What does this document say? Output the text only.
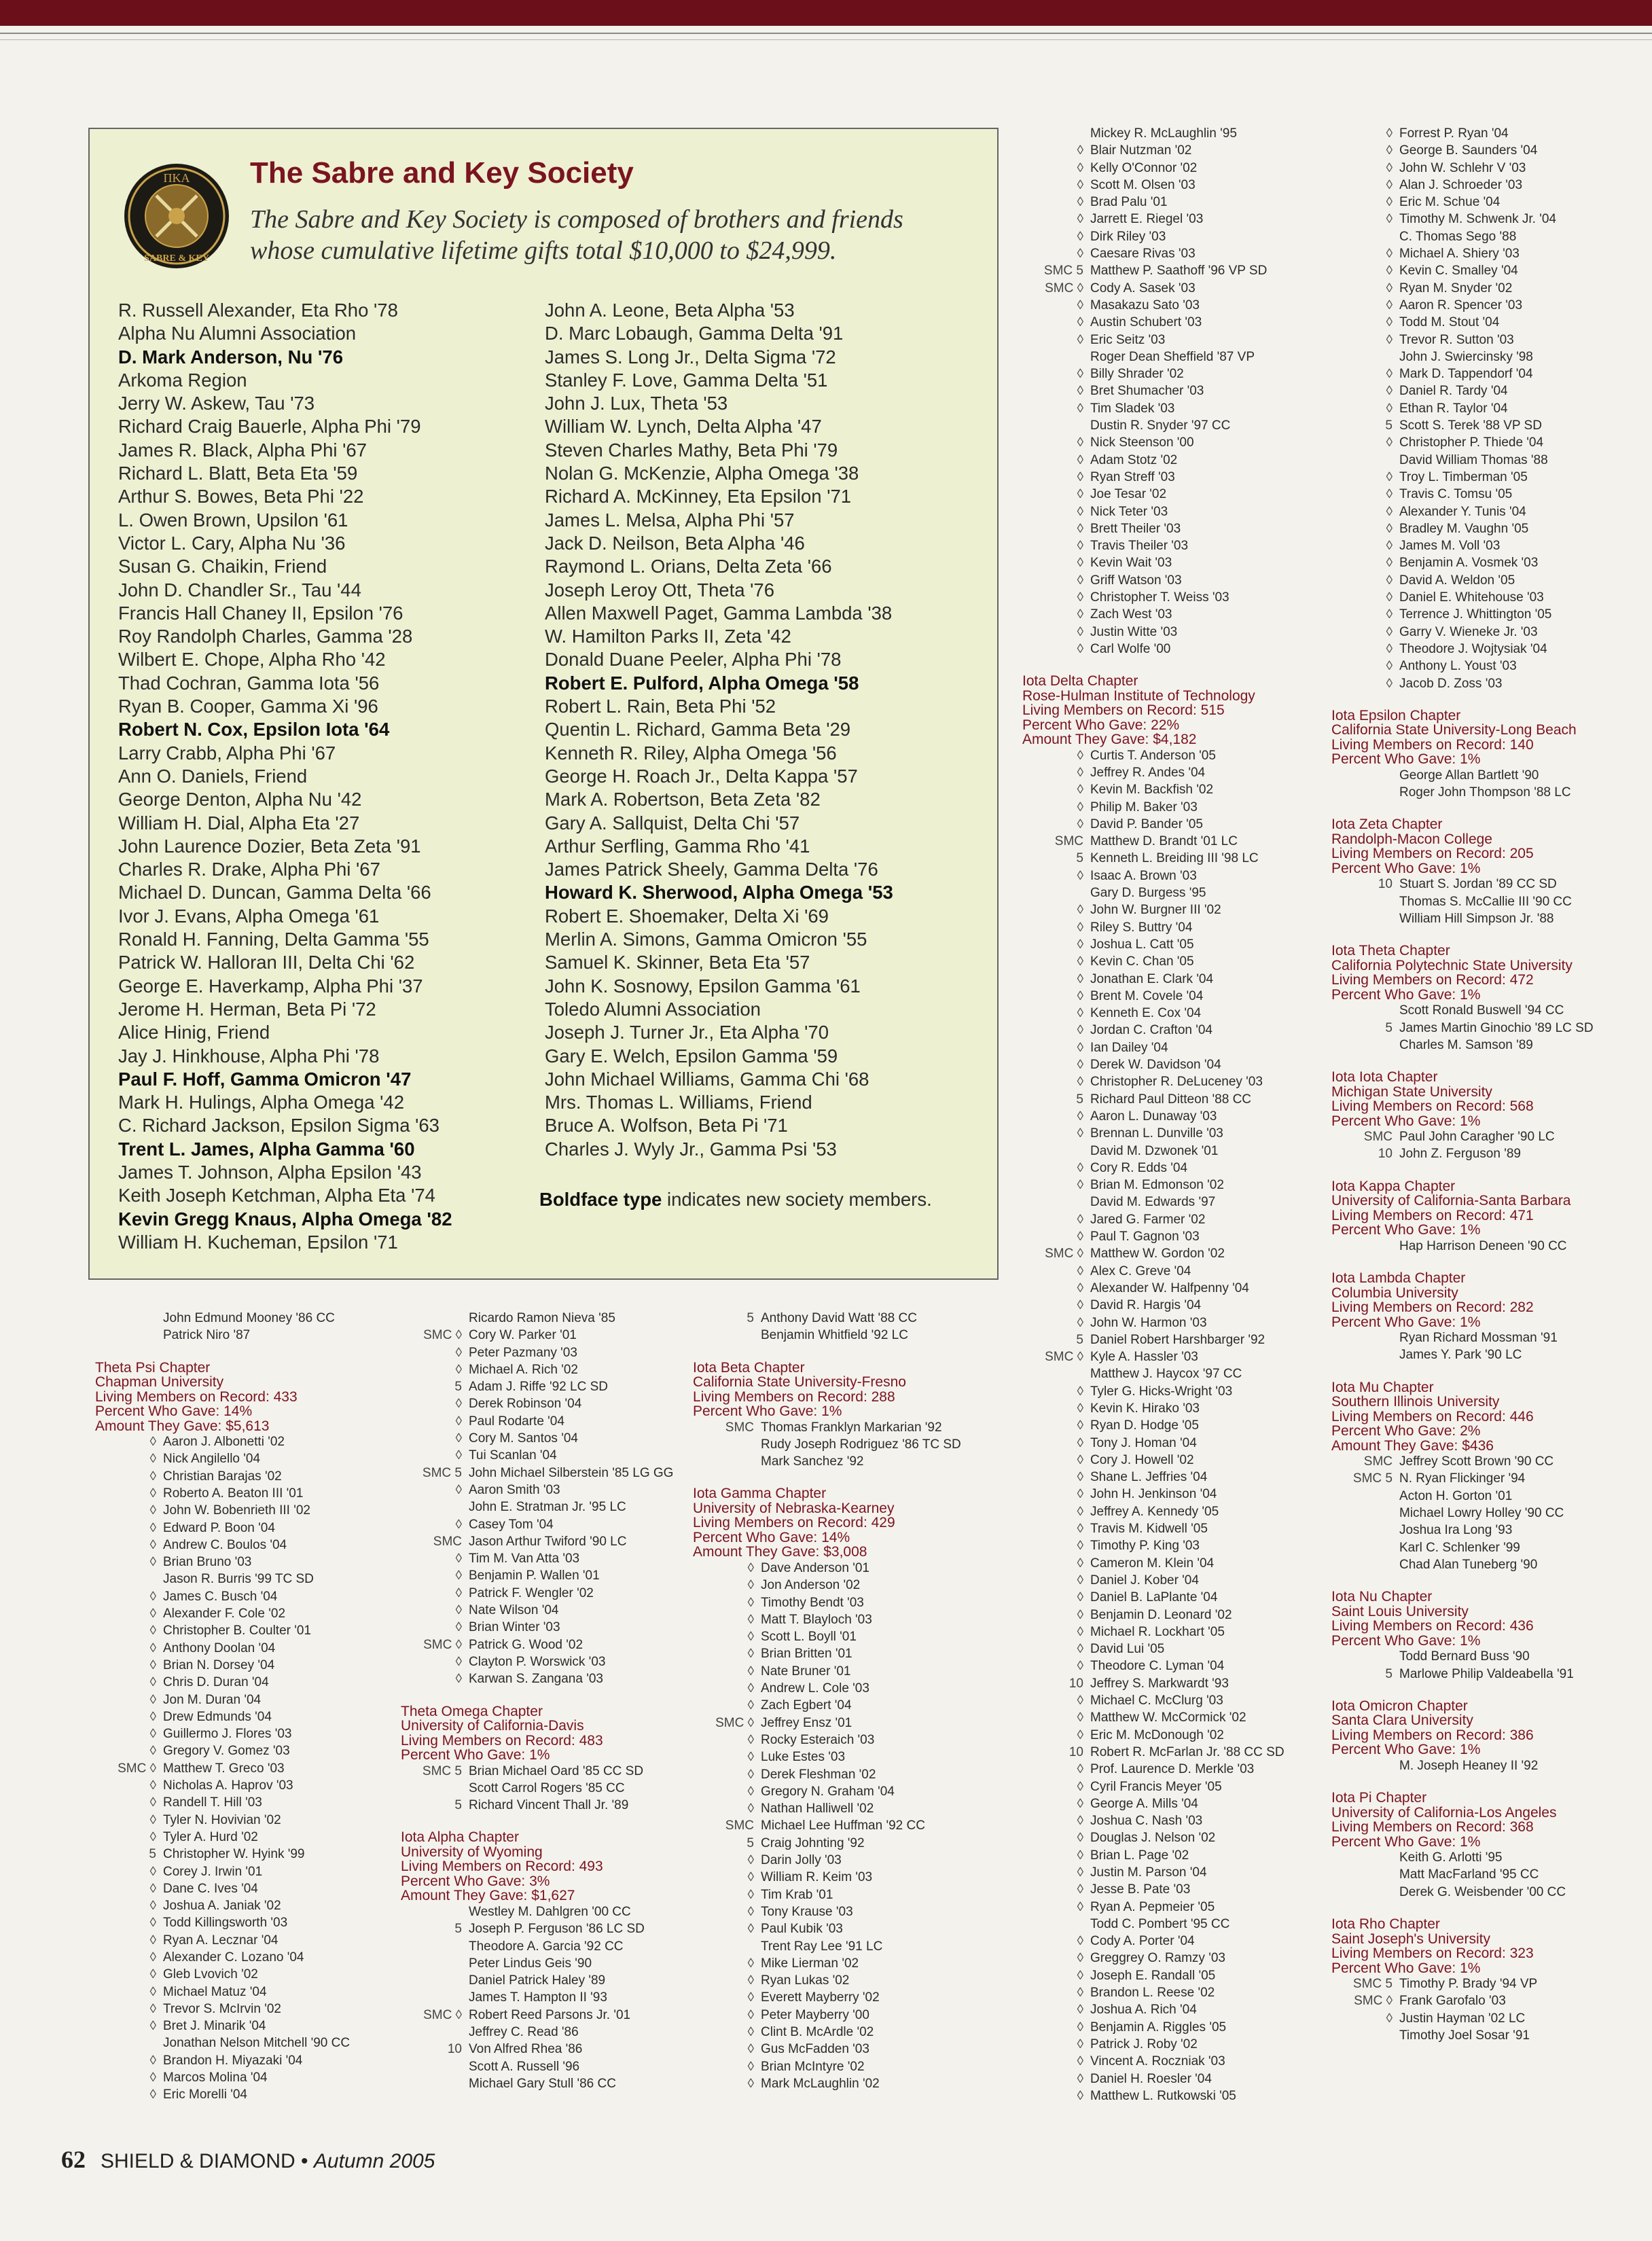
ΠΚΑ
SABRE & KEY
The Sabre and Key Society
The Sabre and Key Society is composed of brothers and friends whose cumulative lifetime gifts total $10,000 to $24,999.
R. Russell Alexander, Eta Rho '78
Alpha Nu Alumni Association
D. Mark Anderson, Nu '76
Arkoma Region
Jerry W. Askew, Tau '73
Richard Craig Bauerle, Alpha Phi '79
James R. Black, Alpha Phi '67
Richard L. Blatt, Beta Eta '59
Arthur S. Bowes, Beta Phi '22
L. Owen Brown, Upsilon '61
Victor L. Cary, Alpha Nu '36
Susan G. Chaikin, Friend
John D. Chandler Sr., Tau '44
Francis Hall Chaney II, Epsilon '76
Roy Randolph Charles, Gamma '28
Wilbert E. Chope, Alpha Rho '42
Thad Cochran, Gamma Iota '56
Ryan B. Cooper, Gamma Xi '96
Robert N. Cox, Epsilon Iota '64
Larry Crabb, Alpha Phi '67
Ann O. Daniels, Friend
George Denton, Alpha Nu '42
William H. Dial, Alpha Eta '27
John Laurence Dozier, Beta Zeta '91
Charles R. Drake, Alpha Phi '67
Michael D. Duncan, Gamma Delta '66
Ivor J. Evans, Alpha Omega '61
Ronald H. Fanning, Delta Gamma '55
Patrick W. Halloran III, Delta Chi '62
George E. Haverkamp, Alpha Phi '37
Jerome H. Herman, Beta Pi '72
Alice Hinig, Friend
Jay J. Hinkhouse, Alpha Phi '78
Paul F. Hoff, Gamma Omicron '47
Mark H. Hulings, Alpha Omega '42
C. Richard Jackson, Epsilon Sigma '63
Trent L. James, Alpha Gamma '60
James T. Johnson, Alpha Epsilon '43
Keith Joseph Ketchman, Alpha Eta '74
Kevin Gregg Knaus, Alpha Omega '82
William H. Kucheman, Epsilon '71
John A. Leone, Beta Alpha '53
D. Marc Lobaugh, Gamma Delta '91
James S. Long Jr., Delta Sigma '72
Stanley F. Love, Gamma Delta '51
John J. Lux, Theta '53
William W. Lynch, Delta Alpha '47
Steven Charles Mathy, Beta Phi '79
Nolan G. McKenzie, Alpha Omega '38
Richard A. McKinney, Eta Epsilon '71
James L. Melsa, Alpha Phi '57
Jack D. Neilson, Beta Alpha '46
Raymond L. Orians, Delta Zeta '66
Joseph Leroy Ott, Theta '76
Allen Maxwell Paget, Gamma Lambda '38
W. Hamilton Parks II, Zeta '42
Donald Duane Peeler, Alpha Phi '78
Robert E. Pulford, Alpha Omega '58
Robert L. Rain, Beta Phi '52
Quentin L. Richard, Gamma Beta '29
Kenneth R. Riley, Alpha Omega '56
George H. Roach Jr., Delta Kappa '57
Mark A. Robertson, Beta Zeta '82
Gary A. Sallquist, Delta Chi '57
Arthur Serfling, Gamma Rho '41
James Patrick Sheely, Gamma Delta '76
Howard K. Sherwood, Alpha Omega '53
Robert E. Shoemaker, Delta Xi '69
Merlin A. Simons, Gamma Omicron '55
Samuel K. Skinner, Beta Eta '57
John K. Sosnowy, Epsilon Gamma '61
Toledo Alumni Association
Joseph J. Turner Jr., Eta Alpha '70
Gary E. Welch, Epsilon Gamma '59
John Michael Williams, Gamma Chi '68
Mrs. Thomas L. Williams, Friend
Bruce A. Wolfson, Beta Pi '71
Charles J. Wyly Jr., Gamma Psi '53
Boldface type indicates new society members.
John Edmund Mooney '86 CC
Patrick Niro '87
Theta Psi Chapter
Chapman University
Living Members on Record: 433
Percent Who Gave: 14%
Amount They Gave: $5,613
◊ Aaron J. Albonetti '02
◊ Nick Angilello '04
◊ Christian Barajas '02
◊ Roberto A. Beaton III '01
◊ John W. Bobenrieth III '02
◊ Edward P. Boon '04
◊ Andrew C. Boulos '04
◊ Brian Bruno '03
Jason R. Burris '99 TC SD
◊ James C. Busch '04
◊ Alexander F. Cole '02
◊ Christopher B. Coulter '01
◊ Anthony Doolan '04
◊ Brian N. Dorsey '04
◊ Chris D. Duran '04
◊ Jon M. Duran '04
◊ Drew Edmunds '04
◊ Guillermo J. Flores '03
◊ Gregory V. Gomez '03
SMC ◊ Matthew T. Greco '03
◊ Nicholas A. Haprov '03
◊ Randell T. Hill '03
◊ Tyler N. Hovivian '02
◊ Tyler A. Hurd '02
5 Christopher W. Hyink '99
◊ Corey J. Irwin '01
◊ Dane C. Ives '04
◊ Joshua A. Janiak '02
◊ Todd Killingsworth '03
◊ Ryan A. Lecznar '04
◊ Alexander C. Lozano '04
◊ Gleb Lvovich '02
◊ Michael Matuz '04
◊ Trevor S. McIrvin '02
◊ Bret J. Minarik '04
Jonathan Nelson Mitchell '90 CC
◊ Brandon H. Miyazaki '04
◊ Marcos Molina '04
◊ Eric Morelli '04
Ricardo Ramon Nieva '85
SMC ◊ Cory W. Parker '01
◊ Peter Pazmany '03
◊ Michael A. Rich '02
5 Adam J. Riffe '92 LC SD
◊ Derek Robinson '04
◊ Paul Rodarte '04
◊ Cory M. Santos '04
◊ Tui Scanlan '04
SMC 5 John Michael Silberstein '85 LG GG
◊ Aaron Smith '03
John E. Stratman Jr. '95 LC
◊ Casey Tom '04
SMC Jason Arthur Twiford '90 LC
◊ Tim M. Van Atta '03
◊ Benjamin P. Wallen '01
◊ Patrick F. Wengler '02
◊ Nate Wilson '04
◊ Brian Winter '03
SMC ◊ Patrick G. Wood '02
◊ Clayton P. Worswick '03
◊ Karwan S. Zangana '03
Theta Omega Chapter
University of California-Davis
Living Members on Record: 483
Percent Who Gave: 1%
SMC 5 Brian Michael Oard '85 CC SD
Scott Carrol Rogers '85 CC
5 Richard Vincent Thall Jr. '89
Iota Alpha Chapter
University of Wyoming
Living Members on Record: 493
Percent Who Gave: 3%
Amount They Gave: $1,627
Westley M. Dahlgren '00 CC
5 Joseph P. Ferguson '86 LC SD
Theodore A. Garcia '92 CC
Peter Lindus Geis '90
Daniel Patrick Haley '89
James T. Hampton II '93
SMC ◊ Robert Reed Parsons Jr. '01
Jeffrey C. Read '86
10 Von Alfred Rhea '86
Scott A. Russell '96
Michael Gary Stull '86 CC
5 Anthony David Watt '88 CC
Benjamin Whitfield '92 LC
Iota Beta Chapter
California State University-Fresno
Living Members on Record: 288
Percent Who Gave: 1%
SMC Thomas Franklyn Markarian '92
Rudy Joseph Rodriguez '86 TC SD
Mark Sanchez '92
Iota Gamma Chapter
University of Nebraska-Kearney
Living Members on Record: 429
Percent Who Gave: 14%
Amount They Gave: $3,008
◊ Dave Anderson '01
◊ Jon Anderson '02
◊ Timothy Bendt '03
◊ Matt T. Blayloch '03
◊ Scott L. Boyll '01
◊ Brian Britten '01
◊ Nate Bruner '01
◊ Andrew L. Cole '03
◊ Zach Egbert '04
SMC ◊ Jeffrey Ensz '01
◊ Rocky Esteraich '03
◊ Luke Estes '03
◊ Derek Fleshman '02
◊ Gregory N. Graham '04
◊ Nathan Halliwell '02
SMC Michael Lee Huffman '92 CC
5 Craig Johnting '92
◊ Darin Jolly '03
◊ William R. Keim '03
◊ Tim Krab '01
◊ Tony Krause '03
◊ Paul Kubik '03
Trent Ray Lee '91 LC
◊ Mike Lierman '02
◊ Ryan Lukas '02
◊ Everett Mayberry '02
◊ Peter Mayberry '00
◊ Clint B. McArdle '02
◊ Gus McFadden '03
◊ Brian McIntyre '02
◊ Mark McLaughlin '02
Mickey R. McLaughlin '95
◊ Blair Nutzman '02
◊ Kelly O'Connor '02
◊ Scott M. Olsen '03
◊ Brad Palu '01
◊ Jarrett E. Riegel '03
◊ Dirk Riley '03
◊ Caesare Rivas '03
SMC 5 Matthew P. Saathoff '96 VP SD
SMC ◊ Cody A. Sasek '03
◊ Masakazu Sato '03
◊ Austin Schubert '03
◊ Eric Seitz '03
Roger Dean Sheffield '87 VP
◊ Billy Shrader '02
◊ Bret Shumacher '03
◊ Tim Sladek '03
Dustin R. Snyder '97 CC
◊ Nick Steenson '00
◊ Adam Stotz '02
◊ Ryan Streff '03
◊ Joe Tesar '02
◊ Nick Teter '03
◊ Brett Theiler '03
◊ Travis Theiler '03
◊ Kevin Wait '03
◊ Griff Watson '03
◊ Christopher T. Weiss '03
◊ Zach West '03
◊ Justin Witte '03
◊ Carl Wolfe '00
Iota Delta Chapter
Rose-Hulman Institute of Technology
Living Members on Record: 515
Percent Who Gave: 22%
Amount They Gave: $4,182
◊ Curtis T. Anderson '05
◊ Jeffrey R. Andes '04
◊ Kevin M. Backfish '02
◊ Philip M. Baker '03
◊ David P. Bander '05
SMC Matthew D. Brandt '01 LC
5 Kenneth L. Breiding III '98 LC
◊ Isaac A. Brown '03
Gary D. Burgess '95
◊ John W. Burgner III '02
◊ Riley S. Buttry '04
◊ Joshua L. Catt '05
◊ Kevin C. Chan '05
◊ Jonathan E. Clark '04
◊ Brent M. Covele '04
◊ Kenneth E. Cox '04
◊ Jordan C. Crafton '04
◊ Ian Dailey '04
◊ Derek W. Davidson '04
◊ Christopher R. DeLuceney '03
5 Richard Paul Ditteon '88 CC
◊ Aaron L. Dunaway '03
◊ Brennan L. Dunville '03
David M. Dzwonek '01
◊ Cory R. Edds '04
◊ Brian M. Edmonson '02
David M. Edwards '97
◊ Jared G. Farmer '02
◊ Paul T. Gagnon '03
SMC ◊ Matthew W. Gordon '02
◊ Alex C. Greve '04
◊ Alexander W. Halfpenny '04
◊ David R. Hargis '04
◊ John W. Harmon '03
5 Daniel Robert Harshbarger '92
SMC ◊ Kyle A. Hassler '03
Matthew J. Haycox '97 CC
◊ Tyler G. Hicks-Wright '03
◊ Kevin K. Hirako '03
◊ Ryan D. Hodge '05
◊ Tony J. Homan '04
◊ Cory J. Howell '02
◊ Shane L. Jeffries '04
◊ John H. Jenkinson '04
◊ Jeffrey A. Kennedy '05
◊ Travis M. Kidwell '05
◊ Timothy P. King '03
◊ Cameron M. Klein '04
◊ Daniel J. Kober '04
◊ Daniel B. LaPlante '04
◊ Benjamin D. Leonard '02
◊ Michael R. Lockhart '05
◊ David Lui '05
◊ Theodore C. Lyman '04
10 Jeffrey S. Markwardt '93
◊ Michael C. McClurg '03
◊ Matthew W. McCormick '02
◊ Eric M. McDonough '02
10 Robert R. McFarlan Jr. '88 CC SD
◊ Prof. Laurence D. Merkle '03
◊ Cyril Francis Meyer '05
◊ George A. Mills '04
◊ Joshua C. Nash '03
◊ Douglas J. Nelson '02
◊ Brian L. Page '02
◊ Justin M. Parson '04
◊ Jesse B. Pate '03
◊ Ryan A. Pepmeier '05
Todd C. Pombert '95 CC
◊ Cody A. Porter '04
◊ Greggrey O. Ramzy '03
◊ Joseph E. Randall '05
◊ Brandon L. Reese '02
◊ Joshua A. Rich '04
◊ Benjamin A. Riggles '05
◊ Patrick J. Roby '02
◊ Vincent A. Roczniak '03
◊ Daniel H. Roesler '04
◊ Matthew L. Rutkowski '05
◊ Forrest P. Ryan '04
◊ George B. Saunders '04
◊ John W. Schlehr V '03
◊ Alan J. Schroeder '03
◊ Eric M. Schue '04
◊ Timothy M. Schwenk Jr. '04
C. Thomas Sego '88
◊ Michael A. Shiery '03
◊ Kevin C. Smalley '04
◊ Ryan M. Snyder '02
◊ Aaron R. Spencer '03
◊ Todd M. Stout '04
◊ Trevor R. Sutton '03
John J. Swiercinsky '98
◊ Mark D. Tappendorf '04
◊ Daniel R. Tardy '04
◊ Ethan R. Taylor '04
5 Scott S. Terek '88 VP SD
◊ Christopher P. Thiede '04
David William Thomas '88
◊ Troy L. Timberman '05
◊ Travis C. Tomsu '05
◊ Alexander Y. Tunis '04
◊ Bradley M. Vaughn '05
◊ James M. Voll '03
◊ Benjamin A. Vosmek '03
◊ David A. Weldon '05
◊ Daniel E. Whitehouse '03
◊ Terrence J. Whittington '05
◊ Garry V. Wieneke Jr. '03
◊ Theodore J. Wojtysiak '04
◊ Anthony L. Youst '03
◊ Jacob D. Zoss '03
Iota Epsilon Chapter
California State University-Long Beach
Living Members on Record: 140
Percent Who Gave: 1%
George Allan Bartlett '90
Roger John Thompson '88 LC
Iota Zeta Chapter
Randolph-Macon College
Living Members on Record: 205
Percent Who Gave: 1%
10 Stuart S. Jordan '89 CC SD
Thomas S. McCallie III '90 CC
William Hill Simpson Jr. '88
Iota Theta Chapter
California Polytechnic State University
Living Members on Record: 472
Percent Who Gave: 1%
Scott Ronald Buswell '94 CC
5 James Martin Ginochio '89 LC SD
Charles M. Samson '89
Iota Iota Chapter
Michigan State University
Living Members on Record: 568
Percent Who Gave: 1%
SMC Paul John Caragher '90 LC
10 John Z. Ferguson '89
Iota Kappa Chapter
University of California-Santa Barbara
Living Members on Record: 471
Percent Who Gave: 1%
Hap Harrison Deneen '90 CC
Iota Lambda Chapter
Columbia University
Living Members on Record: 282
Percent Who Gave: 1%
Ryan Richard Mossman '91
James Y. Park '90 LC
Iota Mu Chapter
Southern Illinois University
Living Members on Record: 446
Percent Who Gave: 2%
Amount They Gave: $436
SMC Jeffrey Scott Brown '90 CC
SMC 5 N. Ryan Flickinger '94
Acton H. Gorton '01
Michael Lowry Holley '90 CC
Joshua Ira Long '93
Karl C. Schlenker '99
Chad Alan Tuneberg '90
Iota Nu Chapter
Saint Louis University
Living Members on Record: 436
Percent Who Gave: 1%
Todd Bernard Buss '90
5 Marlowe Philip Valdeabella '91
Iota Omicron Chapter
Santa Clara University
Living Members on Record: 386
Percent Who Gave: 1%
M. Joseph Heaney II '92
Iota Pi Chapter
University of California-Los Angeles
Living Members on Record: 368
Percent Who Gave: 1%
Keith G. Arlotti '95
Matt MacFarland '95 CC
Derek G. Weisbender '00 CC
Iota Rho Chapter
Saint Joseph's University
Living Members on Record: 323
Percent Who Gave: 1%
SMC 5 Timothy P. Brady '94 VP
SMC ◊ Frank Garofalo '03
◊ Justin Hayman '02 LC
Timothy Joel Sosar '91
62 SHIELD & DIAMOND • Autumn 2005
